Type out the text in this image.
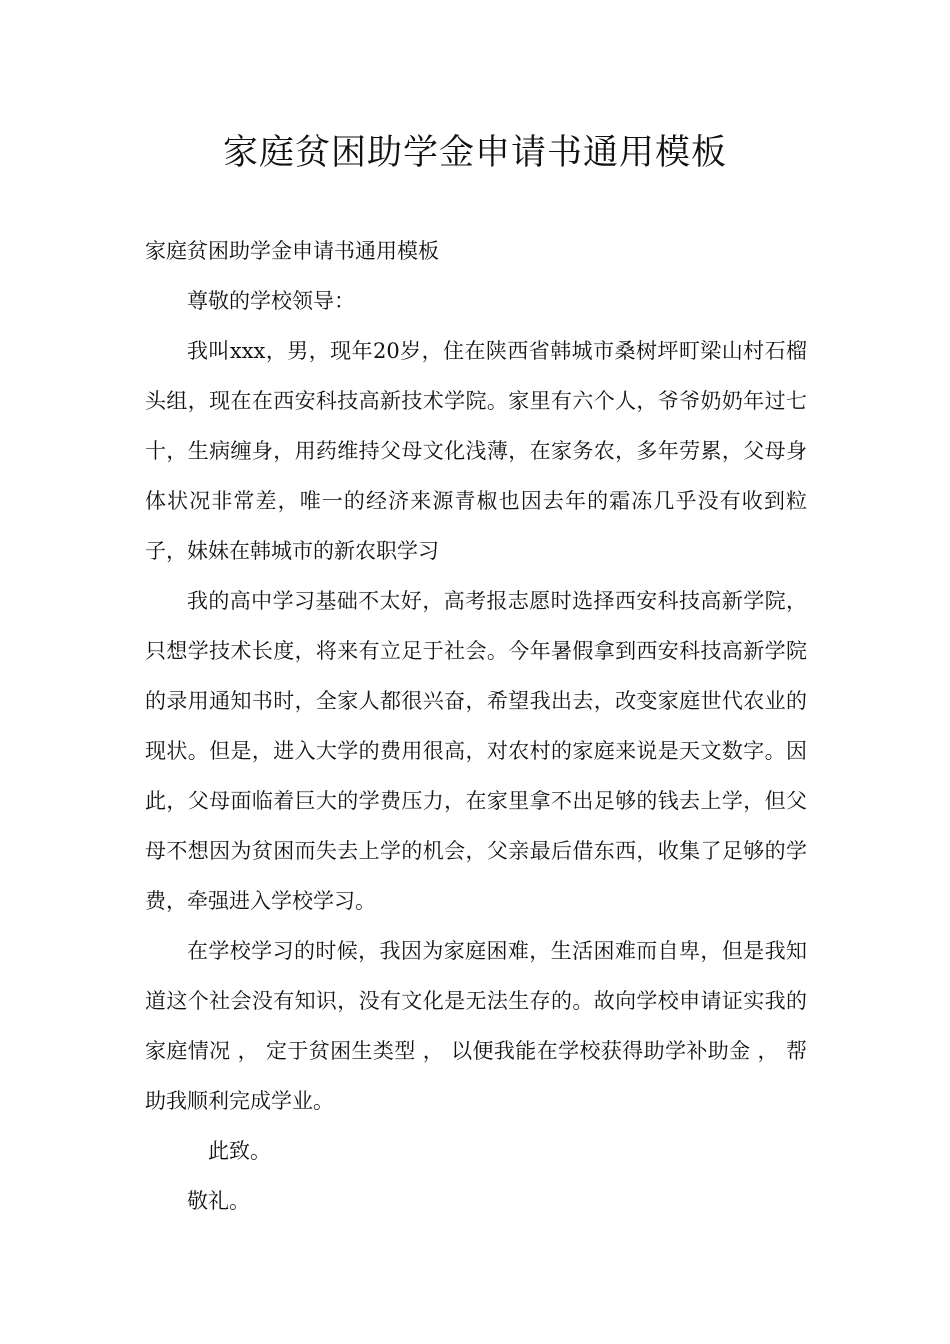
家庭贫困助学金申请书通用模板

家庭贫困助学金申请书通用模板

尊敬的学校领导：

我叫xxx，男，现年20岁，住在陕西省韩城市桑树坪町梁山村石榴头组，现在在西安科技高新技术学院。家里有六个人，爷爷奶奶年过七十，生病缠身，用药维持父母文化浅薄，在家务农，多年劳累，父母身体状况非常差，唯一的经济来源青椒也因去年的霜冻几乎没有收到粒子，妹妹在韩城市的新农职学习

我的高中学习基础不太好，高考报志愿时选择西安科技高新学院，只想学技术长度，将来有立足于社会。今年暑假拿到西安科技高新学院的录用通知书时，全家人都很兴奋，希望我出去，改变家庭世代农业的现状。但是，进入大学的费用很高，对农村的家庭来说是天文数字。因此，父母面临着巨大的学费压力，在家里拿不出足够的钱去上学，但父母不想因为贫困而失去上学的机会，父亲最后借东西，收集了足够的学费，牵强进入学校学习。

在学校学习的时候，我因为家庭困难，生活困难而自卑，但是我知道这个社会没有知识，没有文化是无法生存的。故向学校申请证实我的家庭情况 ， 定于贫困生类型 ， 以便我能在学校获得助学补助金 ， 帮助我顺利完成学业。

此致。

敬礼。
